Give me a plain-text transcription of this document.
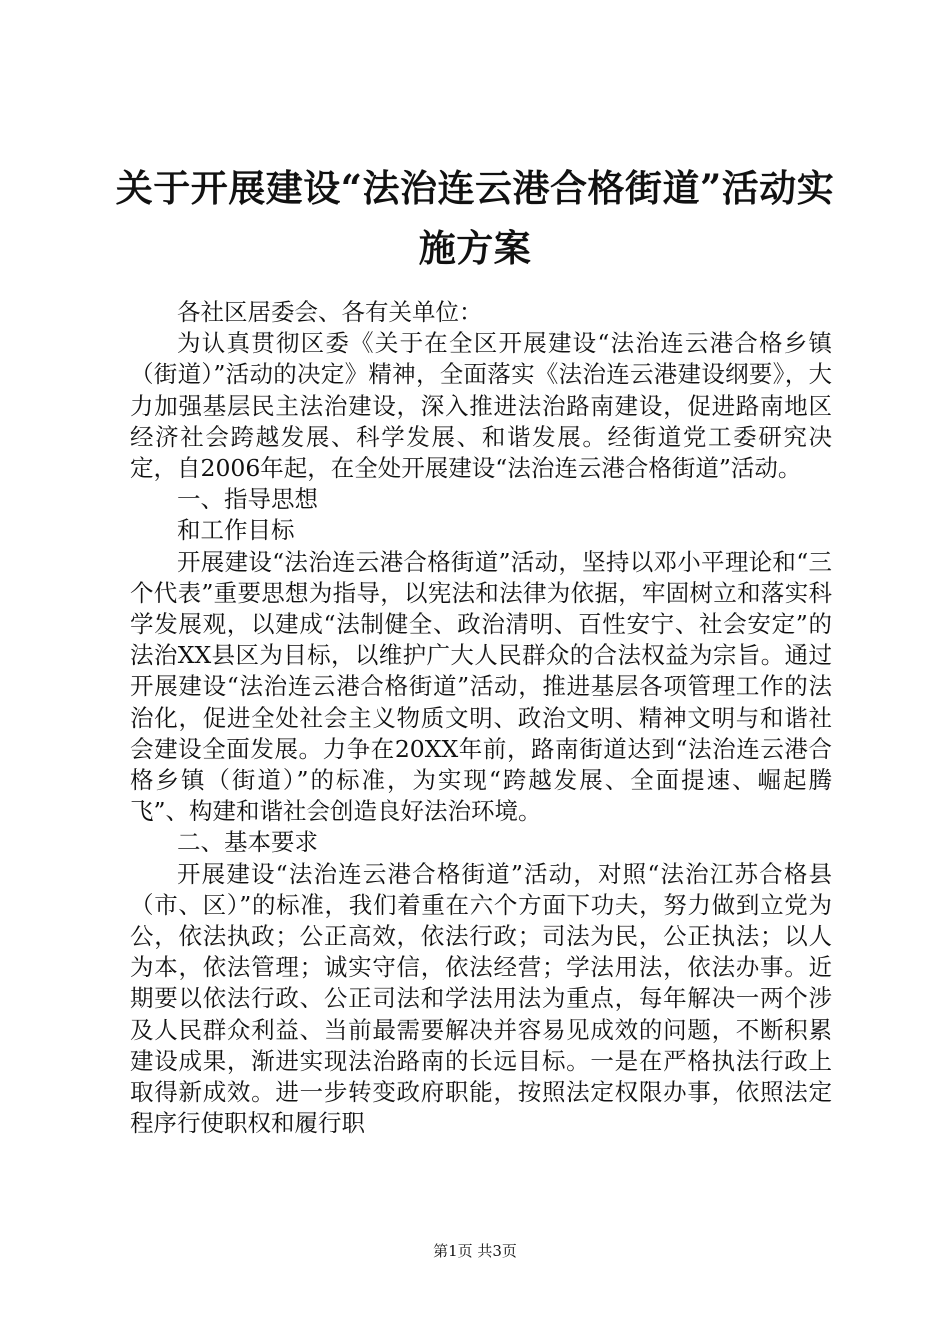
关于开展建设“法治连云港合格街道”活动实施方案

各社区居委会、各有关单位：

为认真贯彻区委《关于在全区开展建设“法治连云港合格乡镇（街道）”活动的决定》精神，全面落实《法治连云港建设纲要》，大力加强基层民主法治建设，深入推进法治路南建设，促进路南地区经济社会跨越发展、科学发展、和谐发展。经街道党工委研究决定，自2006年起，在全处开展建设“法治连云港合格街道”活动。

一、指导思想

和工作目标

开展建设“法治连云港合格街道”活动，坚持以邓小平理论和“三个代表”重要思想为指导，以宪法和法律为依据，牢固树立和落实科学发展观，以建成“法制健全、政治清明、百性安宁、社会安定”的法治XX县区为目标，以维护广大人民群众的合法权益为宗旨。通过开展建设“法治连云港合格街道”活动，推进基层各项管理工作的法治化，促进全处社会主义物质文明、政治文明、精神文明与和谐社会建设全面发展。力争在20XX年前，路南街道达到“法治连云港合格乡镇（街道）”的标准，为实现“跨越发展、全面提速、崛起腾飞”、构建和谐社会创造良好法治环境。

二、基本要求

开展建设“法治连云港合格街道”活动，对照“法治江苏合格县（市、区）”的标准，我们着重在六个方面下功夫，努力做到立党为公，依法执政；公正高效，依法行政；司法为民，公正执法；以人为本，依法管理；诚实守信，依法经营；学法用法，依法办事。近期要以依法行政、公正司法和学法用法为重点，每年解决一两个涉及人民群众利益、当前最需要解决并容易见成效的问题，不断积累建设成果，渐进实现法治路南的长远目标。一是在严格执法行政上取得新成效。进一步转变政府职能，按照法定权限办事，依照法定程序行使职权和履行职

第1页 共3页
